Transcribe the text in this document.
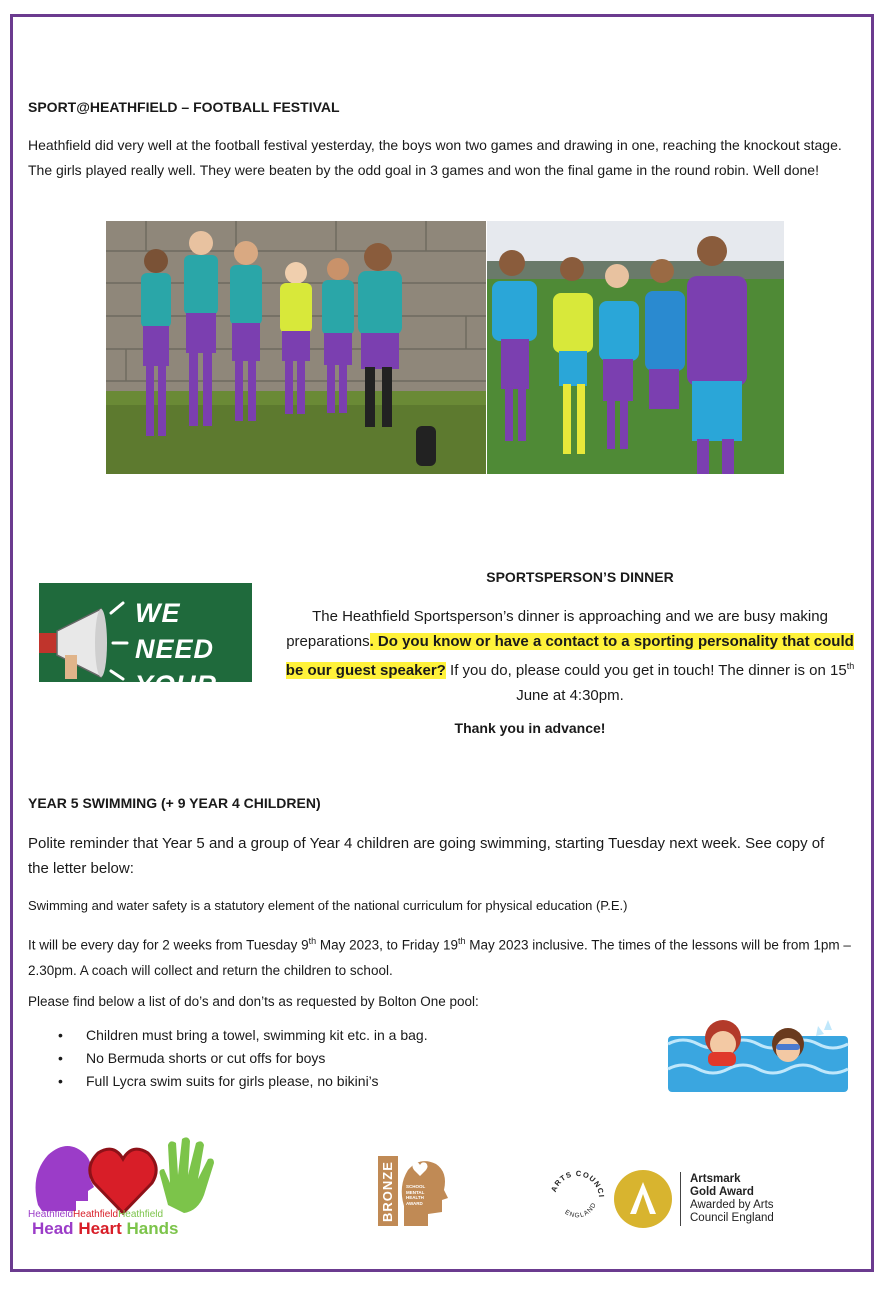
SPORT@HEATHFIELD – FOOTBALL FESTIVAL
Heathfield did very well at the football festival yesterday, the boys won two games and drawing in one, reaching the knockout stage. The girls played really well. They were beaten by the odd goal in 3 games and won the final game in the round robin. Well done!
WE NEED
YOUR HELP!
SPORTSPERSON’S DINNER
The Heathfield Sportsperson’s dinner is approaching and we are busy making preparations. Do you know or have a contact to a sporting personality that could be our guest speaker? If you do, please could you get in touch! The dinner is on 15th June at 4:30pm.
Thank you in advance!
YEAR 5 SWIMMING (+ 9 YEAR 4 CHILDREN)
Polite reminder that Year 5 and a group of Year 4 children are going swimming, starting Tuesday next week. See copy of the letter below:
Swimming and water safety is a statutory element of the national curriculum for physical education (P.E.)
It will be every day for 2 weeks from Tuesday 9th May 2023, to Friday 19th May 2023 inclusive. The times of the lessons will be from 1pm – 2.30pm. A coach will collect and return the children to school.
Please find below a list of do’s and don’ts as requested by Bolton One pool:
• Children must bring a towel, swimming kit etc. in a bag.
• No Bermuda shorts or cut offs for boys
• Full Lycra swim suits for girls please, no bikini’s
HeathfieldHeathfieldHeathfield
Head Heart Hands
BRONZE SCHOOL MENTAL HEALTH AWARD
ARTS COUNCI
ENGLAND
Artsmark
Gold Award
Awarded by Arts
Council England
